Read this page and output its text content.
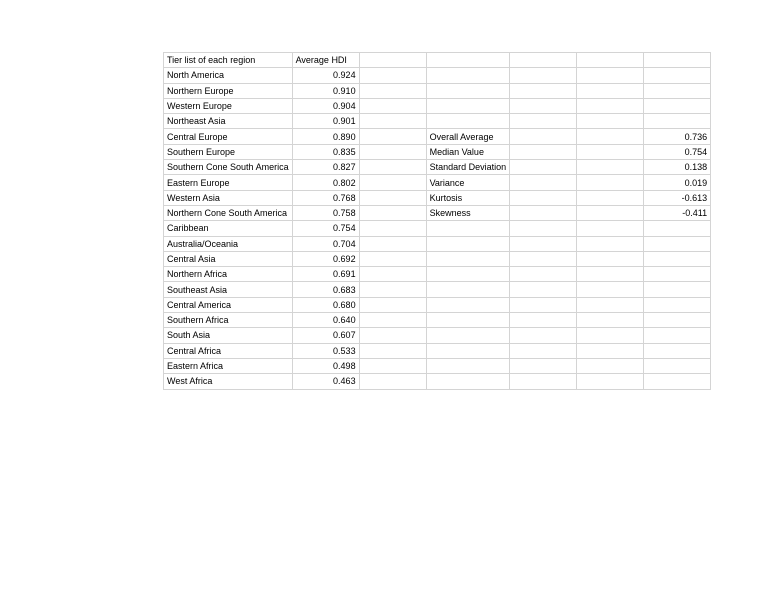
Tier list of each region	Average HDI					
North America	0.924					
Northern Europe	0.910					
Western Europe	0.904					
Northeast Asia	0.901					
Central Europe	0.890		Overall Average			0.736
Southern Europe	0.835		Median Value			0.754
Southern Cone South America	0.827		Standard Deviation			0.138
Eastern Europe	0.802		Variance			0.019
Western Asia	0.768		Kurtosis			-0.613
Northern Cone South America	0.758		Skewness			-0.411
Caribbean	0.754					
Australia/Oceania	0.704					
Central Asia	0.692					
Northern Africa	0.691					
Southeast Asia	0.683					
Central America	0.680					
Southern Africa	0.640					
South Asia	0.607					
Central Africa	0.533					
Eastern Africa	0.498					
West Africa	0.463					
